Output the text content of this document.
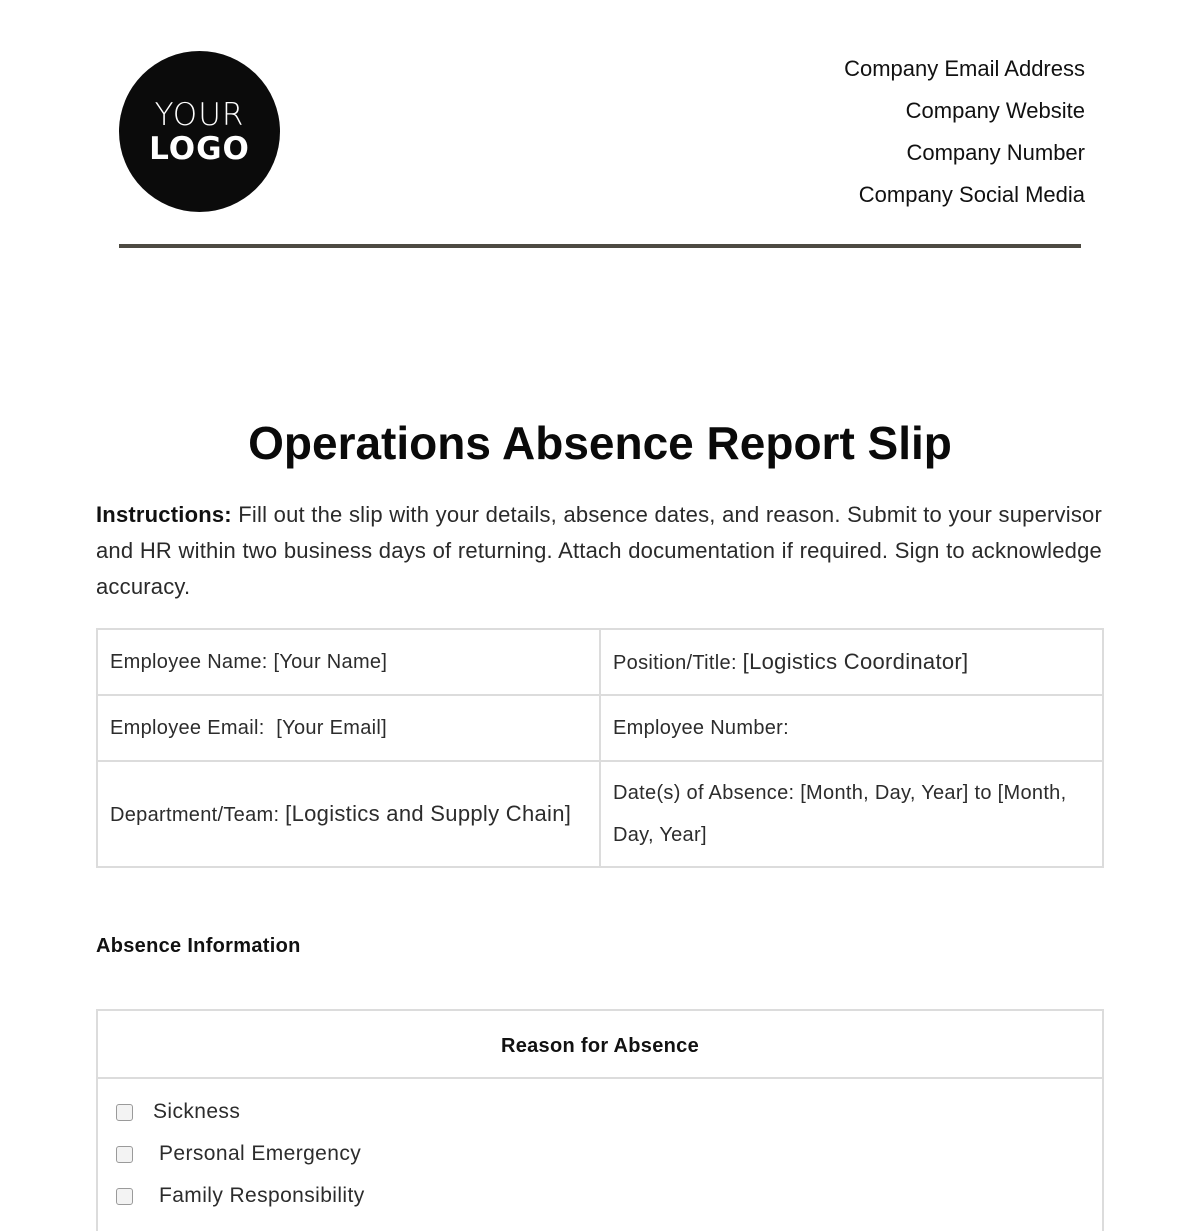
YOUR
LOGO
Company Email Address
Company Website
Company Number
Company Social Media
Operations Absence Report Slip
Instructions: Fill out the slip with your details, absence dates, and reason. Submit to your supervisor and HR within two business days of returning. Attach documentation if required. Sign to acknowledge accuracy.
Employee Name: [Your Name]	Position/Title: [Logistics Coordinator]
Employee Email:  [Your Email]	Employee Number:
Department/Team: [Logistics and Supply Chain]	Date(s) of Absence: [Month, Day, Year] to [Month, Day, Year]
Absence Information
Reason for Absence
Sickness
Personal Emergency
Family Responsibility
